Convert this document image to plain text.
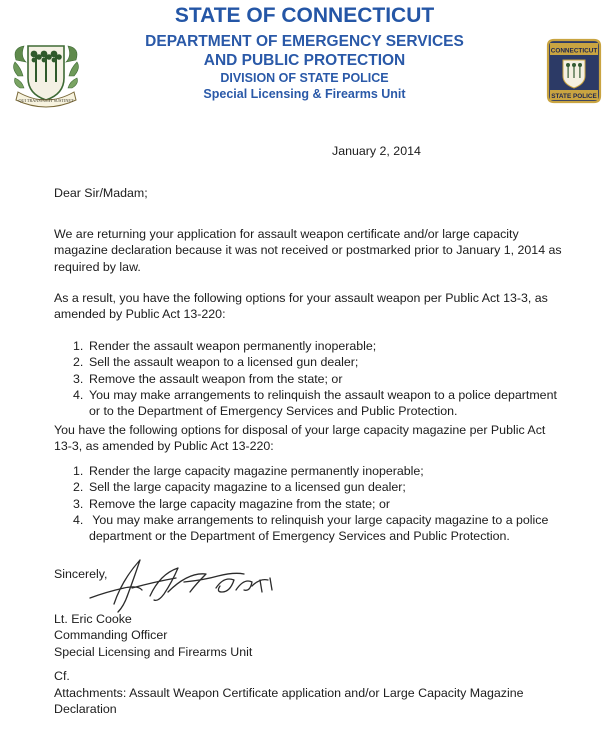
STATE OF CONNECTICUT
DEPARTMENT OF EMERGENCY SERVICES
AND PUBLIC PROTECTION
DIVISION OF STATE POLICE
Special Licensing & Firearms Unit
QUI TRANSTULIT SUSTINET
CONNECTICUT
STATE POLICE
January 2, 2014
Dear Sir/Madam;
We are returning your application for assault weapon certificate and/or large capacity
magazine declaration because it was not received or postmarked prior to January 1, 2014 as
required by law.
As a result, you have the following options for your assault weapon per Public Act 13-3, as
amended by Public Act 13-220:
1. Render the assault weapon permanently inoperable;
2. Sell the assault weapon to a licensed gun dealer;
3. Remove the assault weapon from the state; or
4. You may make arrangements to relinquish the assault weapon to a police department
or to the Department of Emergency Services and Public Protection.
You have the following options for disposal of your large capacity magazine per Public Act
13-3, as amended by Public Act 13-220:
1. Render the large capacity magazine permanently inoperable;
2. Sell the large capacity magazine to a licensed gun dealer;
3. Remove the large capacity magazine from the state; or
4. You may make arrangements to relinquish your large capacity magazine to a police
department or the Department of Emergency Services and Public Protection.
Sincerely,
Lt. Eric Cooke
Commanding Officer
Special Licensing and Firearms Unit
Cf.
Attachments: Assault Weapon Certificate application and/or Large Capacity Magazine
Declaration
